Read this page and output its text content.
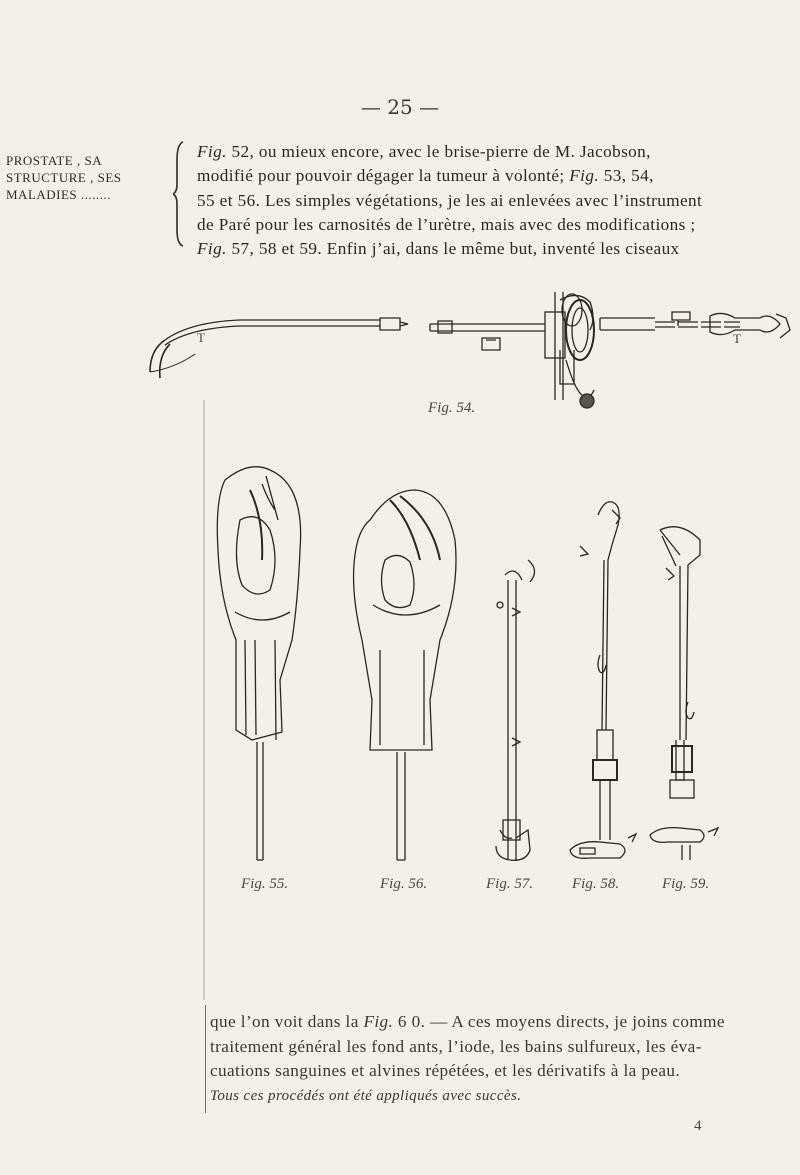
— 25 —
PROSTATE , SA
STRUCTURE , SES
MALADIES ........
Fig. 52, ou mieux encore, avec le brise-pierre de M. Jacobson,
modifié pour pouvoir dégager la tumeur à volonté; Fig. 53, 54,
55 et 56. Les simples végétations, je les ai enlevées avec l’instrument
de Paré pour les carnosités de l’urètre, mais avec des modifications ;
Fig. 57, 58 et 59. Enfin j’ai, dans le même but, inventé les ciseaux
Fig. 54.
Fig. 55.	Fig. 56.	Fig. 57.	Fig. 58.	Fig. 59.
T	T
que l’on voit dans la Fig. 6 0. — A ces moyens directs, je joins comme
traitement général les fond ants, l’iode, les bains sulfureux, les éva-
cuations sanguines et alvines répétées, et les dérivatifs à la peau.
Tous ces procédés ont été appliqués avec succès.
4
